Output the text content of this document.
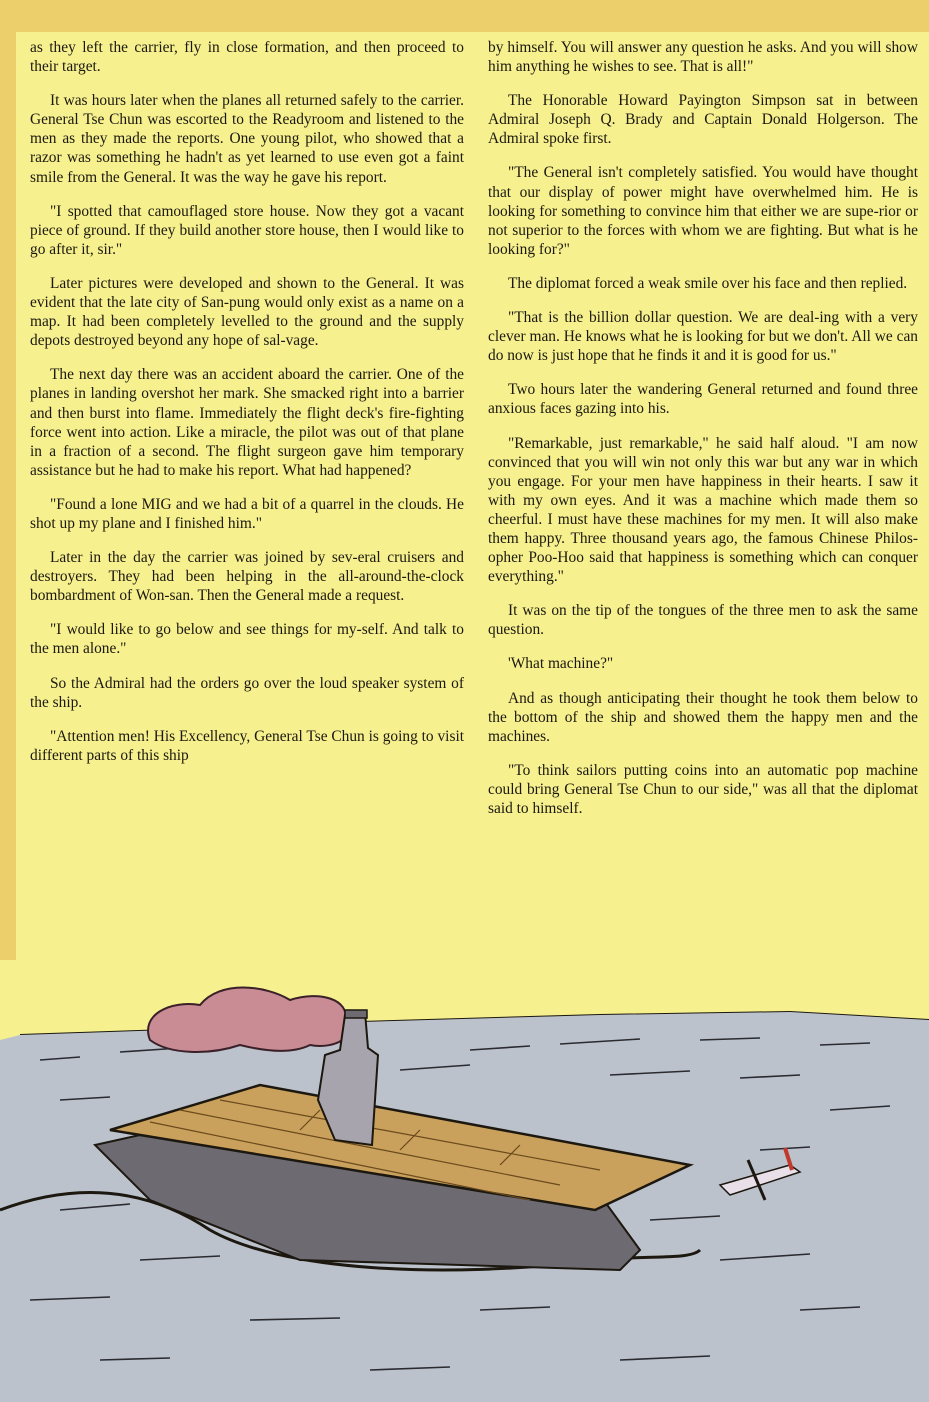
as they left the carrier, fly in close formation, and then proceed to their target.

It was hours later when the planes all returned safely to the carrier. General Tse Chun was escorted to the Readyroom and listened to the men as they made the reports. One young pilot, who showed that a razor was something he hadn't as yet learned to use even got a faint smile from the General. It was the way he gave his report.

"I spotted that camouflaged store house. Now they got a vacant piece of ground. If they build another store house, then I would like to go after it, sir."

Later pictures were developed and shown to the General. It was evident that the late city of San-pung would only exist as a name on a map. It had been completely levelled to the ground and the supply depots destroyed beyond any hope of sal-vage.

The next day there was an accident aboard the carrier. One of the planes in landing overshot her mark. She smacked right into a barrier and then burst into flame. Immediately the flight deck's fire-fighting force went into action. Like a miracle, the pilot was out of that plane in a fraction of a second. The flight surgeon gave him temporary assistance but he had to make his report. What had happened?

"Found a lone MIG and we had a bit of a quarrel in the clouds. He shot up my plane and I finished him."

Later in the day the carrier was joined by sev-eral cruisers and destroyers. They had been helping in the all-around-the-clock bombardment of Won-san. Then the General made a request.

"I would like to go below and see things for my-self. And talk to the men alone."

So the Admiral had the orders go over the loud speaker system of the ship.

"Attention men! His Excellency, General Tse Chun is going to visit different parts of this ship

by himself. You will answer any question he asks. And you will show him anything he wishes to see. That is all!"

The Honorable Howard Payington Simpson sat in between Admiral Joseph Q. Brady and Captain Donald Holgerson. The Admiral spoke first.

"The General isn't completely satisfied. You would have thought that our display of power might have overwhelmed him. He is looking for something to convince him that either we are supe-rior or not superior to the forces with whom we are fighting. But what is he looking for?"

The diplomat forced a weak smile over his face and then replied.

"That is the billion dollar question. We are deal-ing with a very clever man. He knows what he is looking for but we don't. All we can do now is just hope that he finds it and it is good for us."

Two hours later the wandering General returned and found three anxious faces gazing into his.

"Remarkable, just remarkable," he said half aloud. "I am now convinced that you will win not only this war but any war in which you engage. For your men have happiness in their hearts. I saw it with my own eyes. And it was a machine which made them so cheerful. I must have these machines for my men. It will also make them happy. Three thousand years ago, the famous Chinese Philos-opher Poo-Hoo said that happiness is something which can conquer everything."

It was on the tip of the tongues of the three men to ask the same question.

'What machine?"

And as though anticipating their thought he took them below to the bottom of the ship and showed them the happy men and the machines.

"To think sailors putting coins into an automatic pop machine could bring General Tse Chun to our side," was all that the diplomat said to himself.
